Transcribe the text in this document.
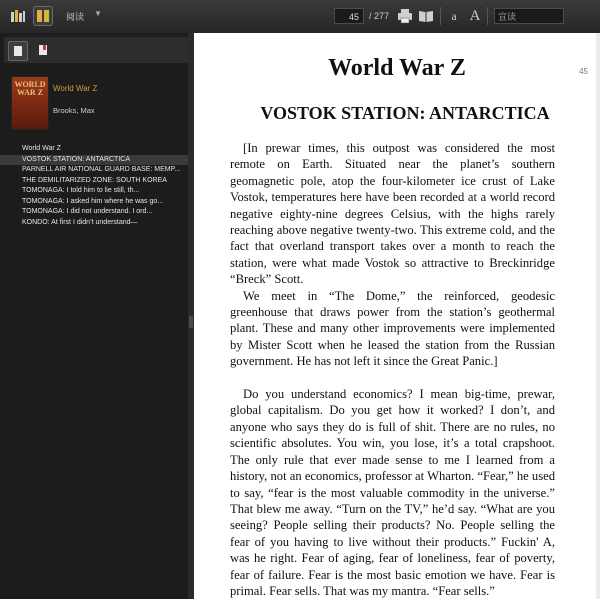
阅读 ▼	45	/ 277	a A	宣读
WORLD WAR Z	World War Z
Brooks, Max
World War Z
VOSTOK STATION: ANTARCTICA
PARNELL AIR NATIONAL GUARD BASE: MEMP...
THE DEMILITARIZED ZONE: SOUTH KOREA
TOMONAGA: I told him to lie still, th...
TOMONAGA: I asked him where he was go...
TOMONAGA: I did not understand. I ord...
KONDO: At first I didn’t understand—
45
World War Z
VOSTOK STATION: ANTARCTICA

[In prewar times, this outpost was considered the most remote on Earth. Situated near the planet’s southern geomagnetic pole, atop the four-kilometer ice crust of Lake Vostok, temperatures here have been recorded at a world record negative eighty-nine degrees Celsius, with the highs rarely reaching above negative twenty-two. This extreme cold, and the fact that overland transport takes over a month to reach the station, were what made Vostok so attractive to Breckinridge “Breck” Scott.

We meet in “The Dome,” the reinforced, geodesic greenhouse that draws power from the station’s geothermal plant. These and many other improvements were implemented by Mister Scott when he leased the station from the Russian government. He has not left it since the Great Panic.]

Do you understand economics? I mean big-time, prewar, global capitalism. Do you get how it worked? I don’t, and anyone who says they do is full of shit. There are no rules, no scientific absolutes. You win, you lose, it’s a total crapshoot. The only rule that ever made sense to me I learned from a history, not an economics, professor at Wharton. “Fear,” he used to say, “fear is the most valuable commodity in the universe.” That blew me away. “Turn on the TV,” he’d say. “What are you seeing? People selling their products? No. People selling the fear of you having to live without their products.” Fuckin' A, was he right. Fear of aging, fear of loneliness, fear of poverty, fear of failure. Fear is the most basic emotion we have. Fear is primal. Fear sells. That was my mantra. “Fear sells.”
